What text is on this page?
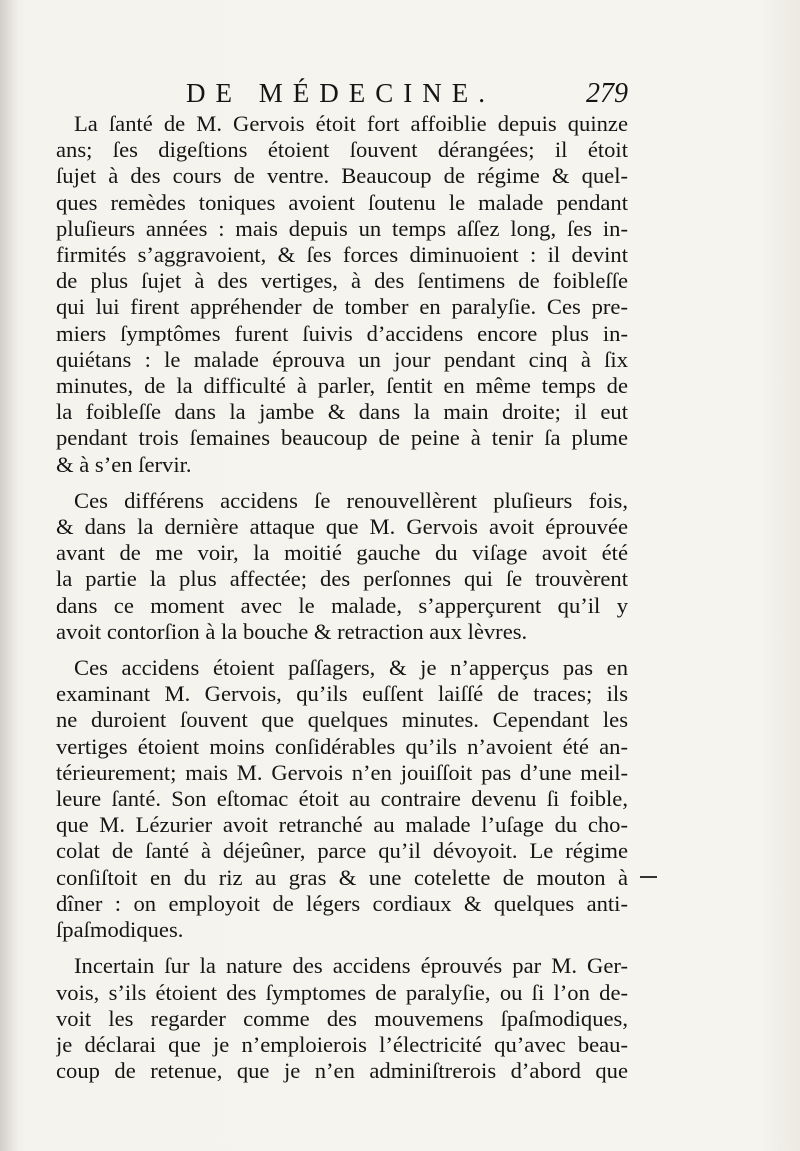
DE MÉDECINE.	279

La ſanté de M. Gervois étoit fort affoiblie depuis quinze
ans; ſes digeſtions étoient ſouvent dérangées; il étoit
ſujet à des cours de ventre. Beaucoup de régime & quel-
ques remèdes toniques avoient ſoutenu le malade pendant
pluſieurs années : mais depuis un temps aſſez long, ſes in-
firmités s’aggravoient, & ſes forces diminuoient : il devint
de plus ſujet à des vertiges, à des ſentimens de foibleſſe
qui lui firent appréhender de tomber en paralyſie. Ces pre-
miers ſymptômes furent ſuivis d’accidens encore plus in-
quiétans : le malade éprouva un jour pendant cinq à ſix
minutes, de la difficulté à parler, ſentit en même temps de
la foibleſſe dans la jambe & dans la main droite; il eut
pendant trois ſemaines beaucoup de peine à tenir ſa plume
& à s’en ſervir.

Ces différens accidens ſe renouvellèrent pluſieurs fois,
& dans la dernière attaque que M. Gervois avoit éprouvée
avant de me voir, la moitié gauche du viſage avoit été
la partie la plus affectée; des perſonnes qui ſe trouvèrent
dans ce moment avec le malade, s’apperçurent qu’il y
avoit contorſion à la bouche & retraction aux lèvres.

Ces accidens étoient paſſagers, & je n’apperçus pas en
examinant M. Gervois, qu’ils euſſent laiſſé de traces; ils
ne duroient ſouvent que quelques minutes. Cependant les
vertiges étoient moins conſidérables qu’ils n’avoient été an-
térieurement; mais M. Gervois n’en jouiſſoit pas d’une meil-
leure ſanté. Son eſtomac étoit au contraire devenu ſi foible,
que M. Lézurier avoit retranché au malade l’uſage du cho-
colat de ſanté à déjeûner, parce qu’il dévoyoit. Le régime
conſiſtoit en du riz au gras & une cotelette de mouton à
dîner : on employoit de légers cordiaux & quelques anti-
ſpaſmodiques.

Incertain ſur la nature des accidens éprouvés par M. Ger-
vois, s’ils étoient des ſymptomes de paralyſie, ou ſi l’on de-
voit les regarder comme des mouvemens ſpaſmodiques,
je déclarai que je n’emploierois l’électricité qu’avec beau-
coup de retenue, que je n’en adminiſtrerois d’abord que
